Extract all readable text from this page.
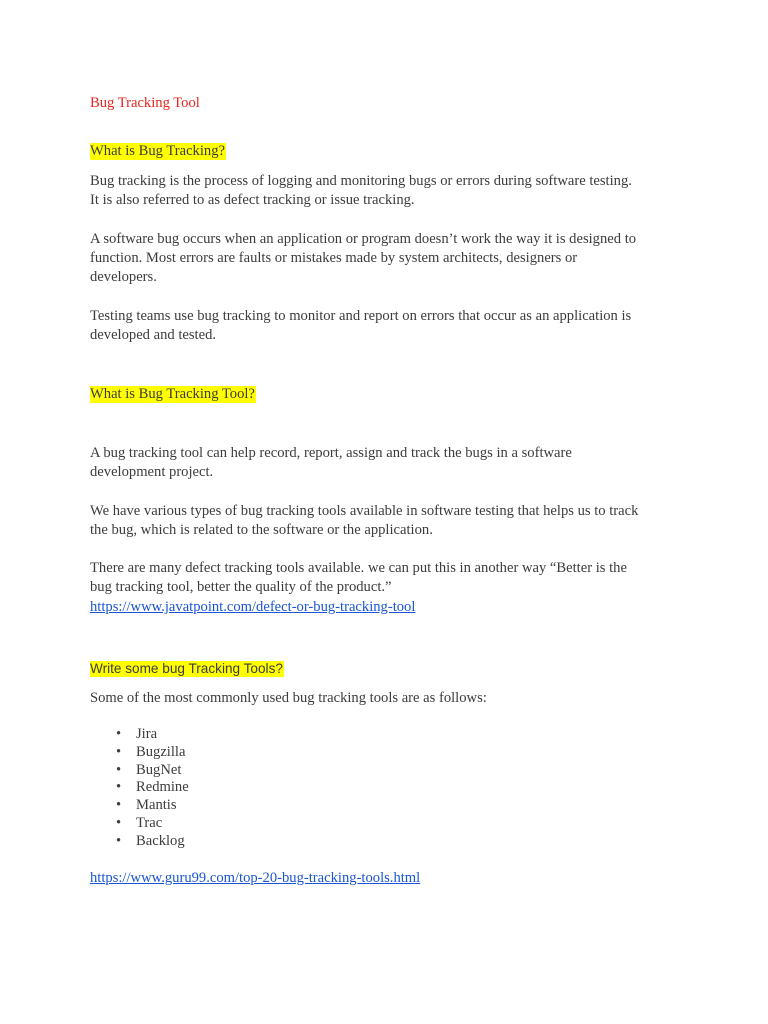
Bug Tracking Tool
What is Bug Tracking?
Bug tracking is the process of logging and monitoring bugs or errors during software testing.
It is also referred to as defect tracking or issue tracking.
A software bug occurs when an application or program doesn’t work the way it is designed to
function. Most errors are faults or mistakes made by system architects, designers or
developers.
Testing teams use bug tracking to monitor and report on errors that occur as an application is
developed and tested.
What is Bug Tracking Tool?
A bug tracking tool can help record, report, assign and track the bugs in a software
development project.
We have various types of bug tracking tools available in software testing that helps us to track
the bug, which is related to the software or the application.
There are many defect tracking tools available. we can put this in another way “Better is the
bug tracking tool, better the quality of the product.”
https://www.javatpoint.com/defect-or-bug-tracking-tool
Write some bug Tracking Tools?
Some of the most commonly used bug tracking tools are as follows:
• Jira
• Bugzilla
• BugNet
• Redmine
• Mantis
• Trac
• Backlog
https://www.guru99.com/top-20-bug-tracking-tools.html
